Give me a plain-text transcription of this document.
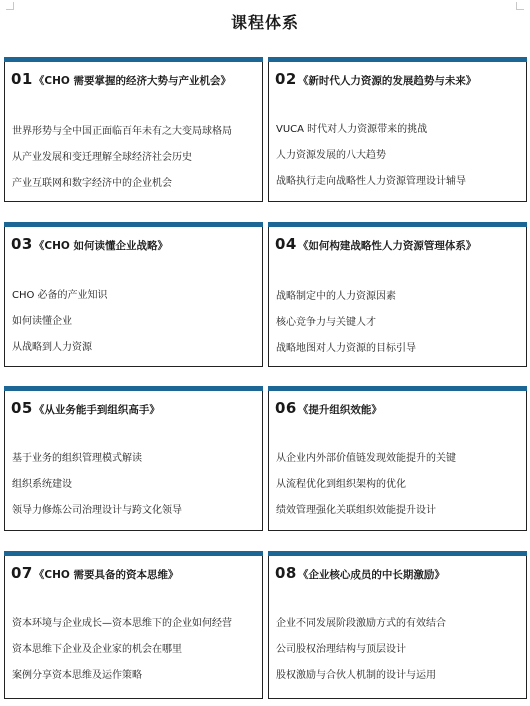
课程体系
01 《CHO 需要掌握的经济大势与产业机会》
世界形势与全中国正面临百年未有之大变局球格局
从产业发展和变迁理解全球经济社会历史
产业互联网和数字经济中的企业机会
02 《新时代人力资源的发展趋势与未来》
VUCA 时代对人力资源带来的挑战
人力资源发展的八大趋势
战略执行走向战略性人力资源管理设计辅导
03 《CHO 如何读懂企业战略》
CHO 必备的产业知识
如何读懂企业
从战略到人力资源
04 《如何构建战略性人力资源管理体系》
战略制定中的人力资源因素
核心竞争力与关键人才
战略地图对人力资源的目标引导
05 《从业务能手到组织高手》
基于业务的组织管理模式解读
组织系统建设
领导力修炼公司治理设计与跨文化领导
06 《提升组织效能》
从企业内外部价值链发现效能提升的关键
从流程优化到组织架构的优化
绩效管理强化关联组织效能提升设计
07 《CHO 需要具备的资本思维》
资本环境与企业成长—资本思维下的企业如何经营
资本思维下企业及企业家的机会在哪里
案例分享资本思维及运作策略
08 《企业核心成员的中长期激励》
企业不同发展阶段激励方式的有效结合
公司股权治理结构与顶层设计
股权激励与合伙人机制的设计与运用
